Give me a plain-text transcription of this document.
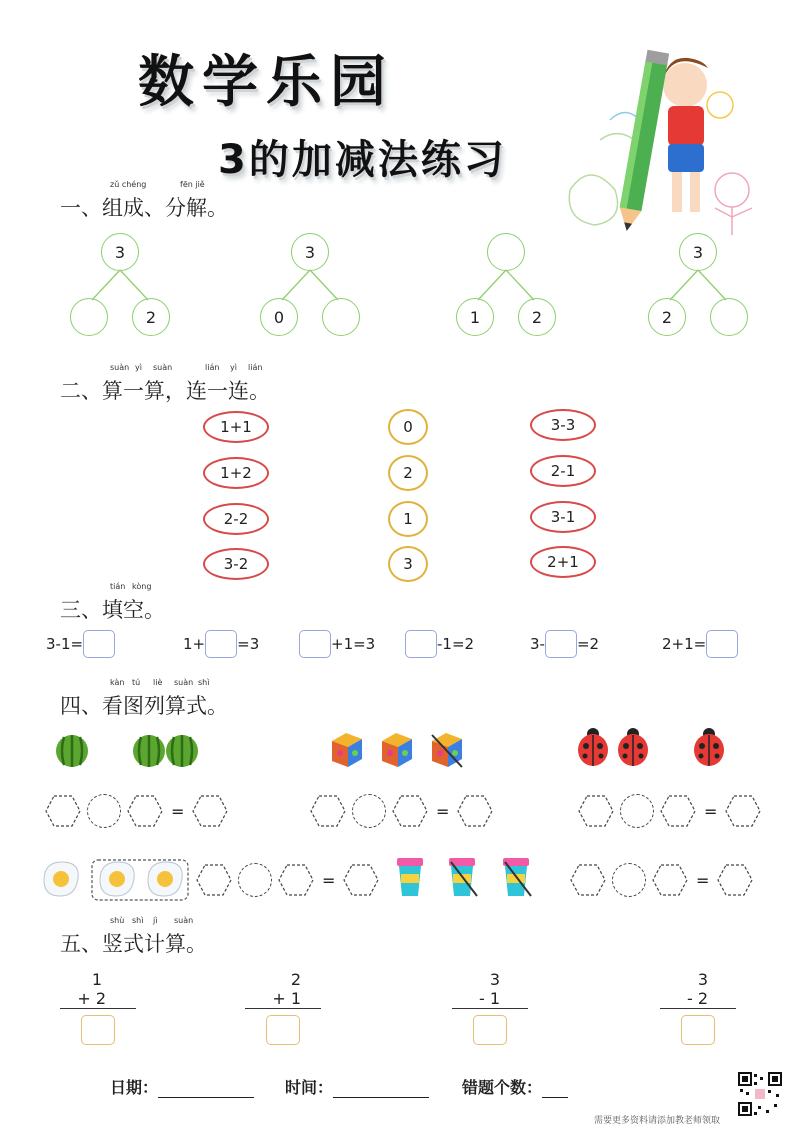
数学乐园
3的加减法练习
zǔ chéng	fēn jiě
一、组成、分解。
3
2
3
0	1	2
3
2
suàn yì suàn	lián yì lián
二、算一算，连一连。
1+1
1+2
2-2
3-2
0
2
1
3
3-3
2-1
3-1
2+1
tián kòng
三、填空。
3-1=	1+ =3	+1=3	-1=2	3- =2	2+1=
kàn tú liè suàn shì
四、看图列算式。
=	=	=
=	=
shù shì jì suàn
五、竖式计算。
1
+ 2
2
+ 1
3
- 1
3
- 2
日期：	时间：	错题个数：
需要更多资料请添加教老师领取
